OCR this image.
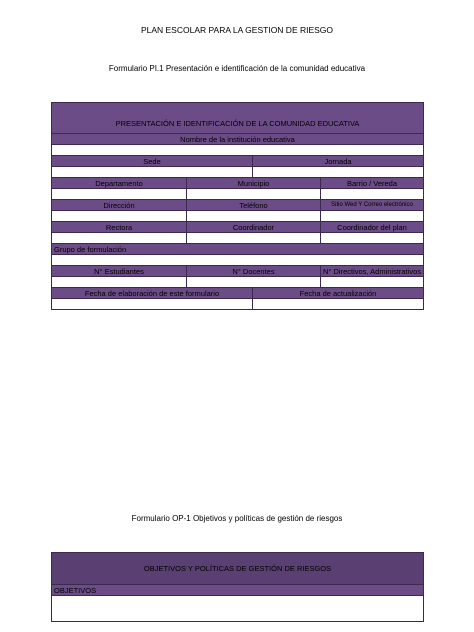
PLAN ESCOLAR PARA LA GESTION DE RIESGO
Formulario PI.1 Presentación e identificación de la comunidad educativa
PRESENTACIÓN E IDENTIFICACIÓN DE LA COMUNIDAD EDUCATIVA
Nombre de la institución educativa
Sede	Jornada
Departamento	Municipio	Barrio / Vereda
Dirección	Teléfono	Sitio Wed Y Correo electrónico
Rectora	Coordinador	Coordinador del plan
Grupo de formulación
N° Estudiantes	N° Docentes	N° Directivos, Administrativos
Fecha de elaboración de este formulario	Fecha de actualización
Formulario OP-1 Objetivos y políticas de gestión de riesgos
OBJETIVOS Y POLÍTICAS DE GESTIÓN DE RIESGOS
OBJETIVOS
